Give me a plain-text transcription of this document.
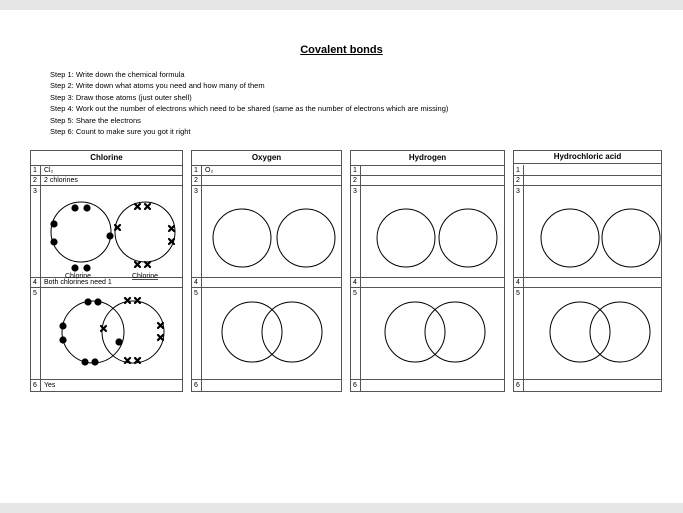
Covalent bonds
Step 1: Write down the chemical formula
Step 2: Write down what atoms you need and how many of them
Step 3: Draw those atoms (just outer shell)
Step 4: Work out the number of electrons which need to be shared (same as the number of electrons which are missing)
Step 5: Share the electrons
Step 6: Count to make sure you got it right
Chlorine
1
2
3
4
5
6
Cl₂
2 chlorines
Both chlorines need 1
Yes
Chlorine	Chlorine
Oxygen
1
2
3
4
5
6
O₂
Hydrogen
1
2
3
4
5
6
Hydrochloric acid
1
2
3
4
5
6
